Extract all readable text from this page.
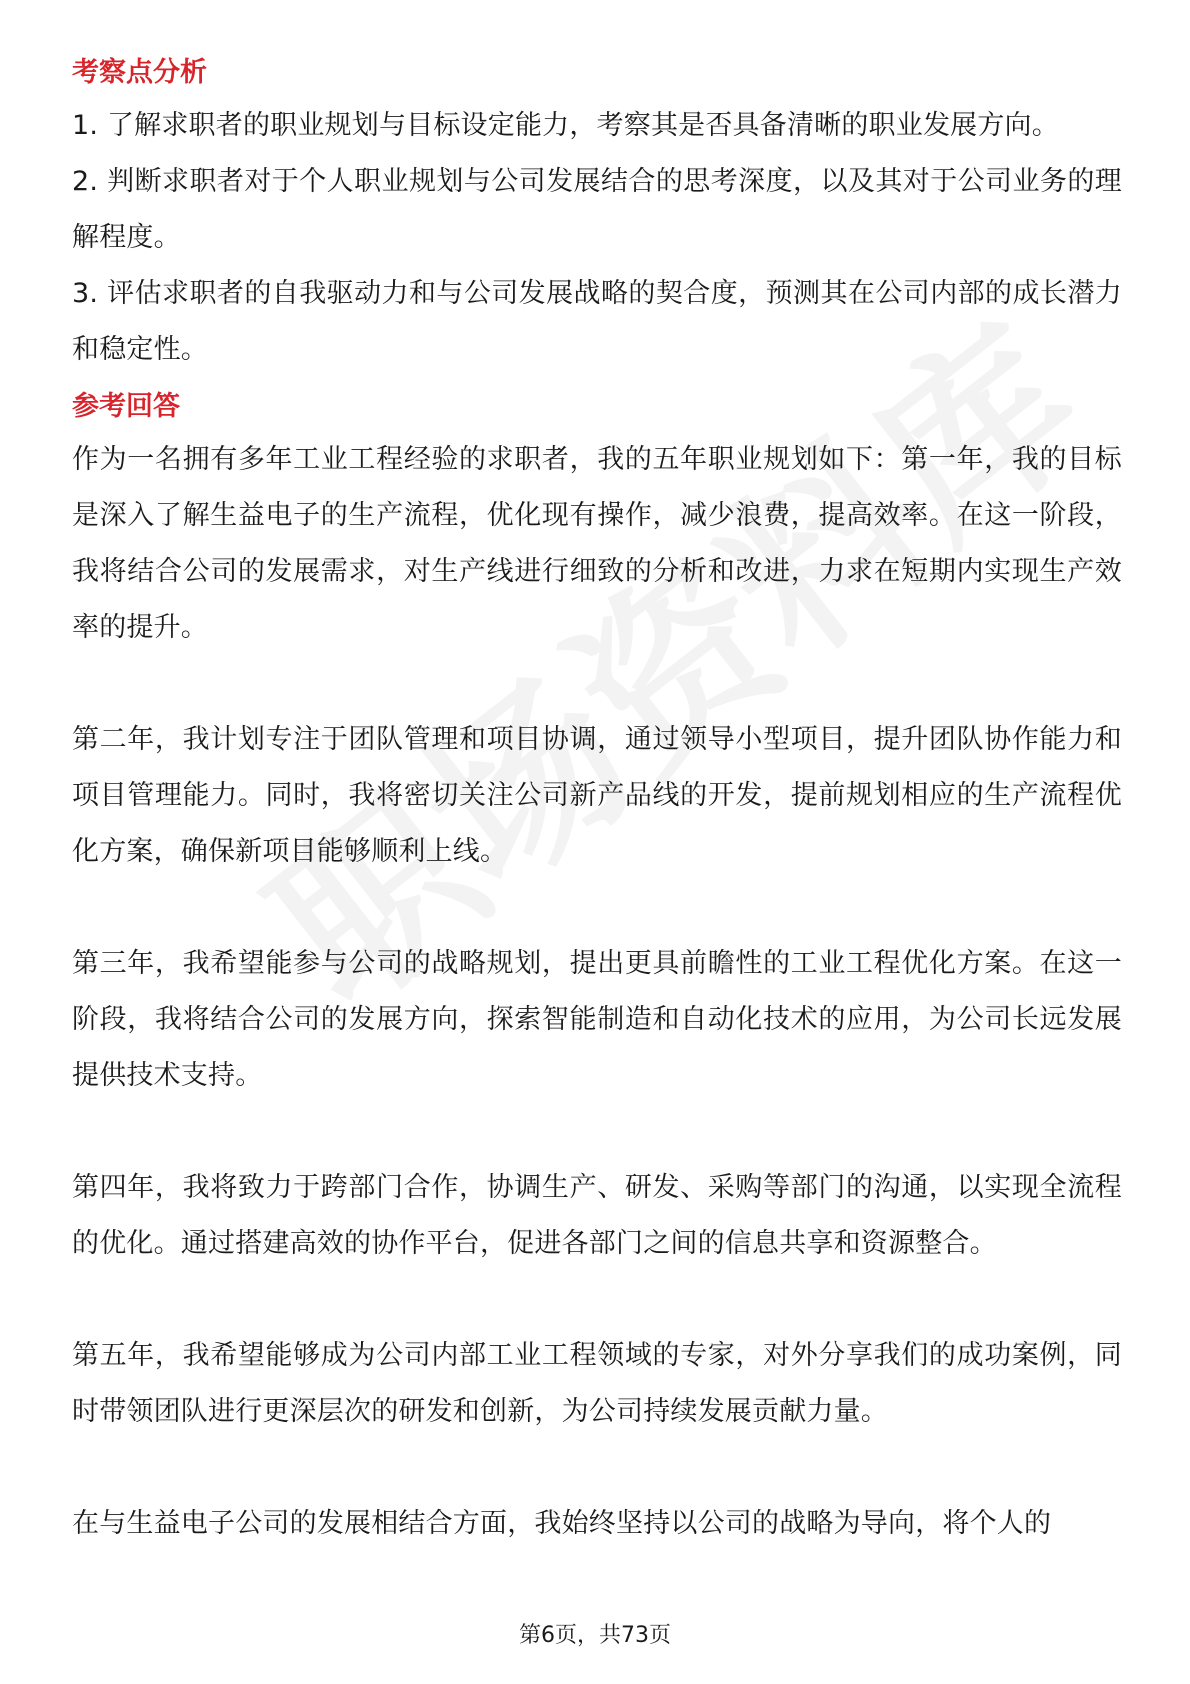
考察点分析

1. 了解求职者的职业规划与目标设定能力，考察其是否具备清晰的职业发展方向。

2. 判断求职者对于个人职业规划与公司发展结合的思考深度，以及其对于公司业务的理解程度。

3. 评估求职者的自我驱动力和与公司发展战略的契合度，预测其在公司内部的成长潜力和稳定性。

参考回答

作为一名拥有多年工业工程经验的求职者，我的五年职业规划如下：第一年，我的目标是深入了解生益电子的生产流程，优化现有操作，减少浪费，提高效率。在这一阶段，我将结合公司的发展需求，对生产线进行细致的分析和改进，力求在短期内实现生产效率的提升。

第二年，我计划专注于团队管理和项目协调，通过领导小型项目，提升团队协作能力和项目管理能力。同时，我将密切关注公司新产品线的开发，提前规划相应的生产流程优化方案，确保新项目能够顺利上线。

第三年，我希望能参与公司的战略规划，提出更具前瞻性的工业工程优化方案。在这一阶段，我将结合公司的发展方向，探索智能制造和自动化技术的应用，为公司长远发展提供技术支持。

第四年，我将致力于跨部门合作，协调生产、研发、采购等部门的沟通，以实现全流程的优化。通过搭建高效的协作平台，促进各部门之间的信息共享和资源整合。

第五年，我希望能够成为公司内部工业工程领域的专家，对外分享我们的成功案例，同时带领团队进行更深层次的研发和创新，为公司持续发展贡献力量。

在与生益电子公司的发展相结合方面，我始终坚持以公司的战略为导向，将个人的

第6页，共73页
